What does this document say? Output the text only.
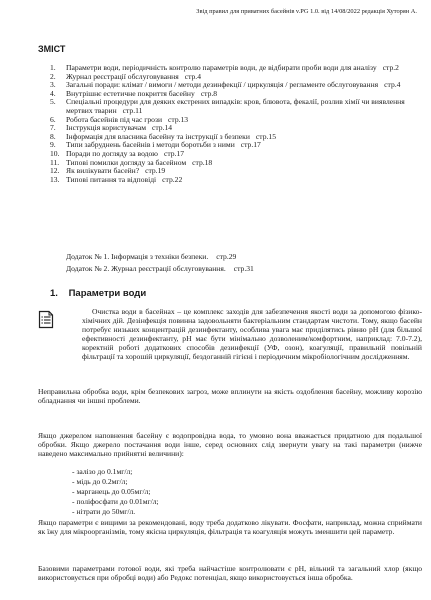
Звід правил для приватних басейнів v.PG 1.0. від 14/08/2022 редакція Хуторян А.
ЗМІСТ
1. Параметри води, періодичність контролю параметрів води, де відбирати проби води для аналізу стр.2
2. Журнал реєстрації обслуговування стр.4
3. Загальні поради: клімат / вимоги / методи дезинфекції / циркуляція / регламенте обслуговування стр.4
4. Внутрішнє естетичне покриття басейну стр.8
5. Спеціальні процедури для деяких екстрених випадків: кров, блювота, фекалії, розлив хімії чи виявлення мертвих тварин стр.11
6. Робота басейнів під час грози стр.13
7. Інструкція користувачам стр.14
8. Інформація для власника басейну та інструкції з безпеки стр.15
9. Типи забруднень басейнів і методи боротьби з ними стр.17
10. Поради по догляду за водою стр.17
11. Типові помилки догляду за басейном стр.18
12. Як вилікувати басейн? стр.19
13. Типові питання та відповіді стр.22
Додаток № 1. Інформація з техніки безпеки. стр.29
Додаток № 2. Журнал реєстрації обслуговування. стр.31
1. Параметри води

Очистка води в басейнах – це комплекс заходів для забезпечення якості води за допомогою фізико-хімічних дій. Дезінфекція повинна задовольняти бактеріальним стандартам чистоти. Тому, якщо басейн потребує низьких концентрацій дезинфектанту, особлива увага має приділятись рівню рН (для більшої ефективності дезинфектанту, рН має бути мінімально дозволеним/комфортним, наприклад: 7.0-7.2), коректній роботі додаткових способів дезинфекції (УФ, озон), коагуляції, правильній повільній фільтрації та хорошій циркуляції, бездоганній гігієні і періодичним мікробіологічним дослідженням.

Неправильна обробка води, крім безпекових загроз, може вплинути на якість оздоблення басейну, можливу корозію обладнання чи іншні проблеми.

Якщо джерелом наповнення басейну є водопровідна вода, то умовно вона вважається придатною для подальшої обробки. Якщо джерело постачання води інше, серед основних слід звернути увагу на такі параметри (нижче наведено максимально прийнятні величини):

- залізо до 0.1мг/л;
- мідь до 0.2мг/л;
- марганець до 0.05мг/л;
- поліфосфати до 0.01мг/л;
- нітрати до 50мг/л.

Якщо параметри є вищими за рекомендовані, воду треба додатково лікувати. Фосфати, наприклад, можна сприймати як їжу для мікроорганізмів, тому якісна циркуляція, фільтрація та коагуляція можуть зменшити цей параметр.

Базовими параметрами готової води, які треба найчастіше контролювати є рН, вільний та загальний хлор (якщо використовується при обробці води) або Редокс потенціал, якщо використовується інша обробка.
